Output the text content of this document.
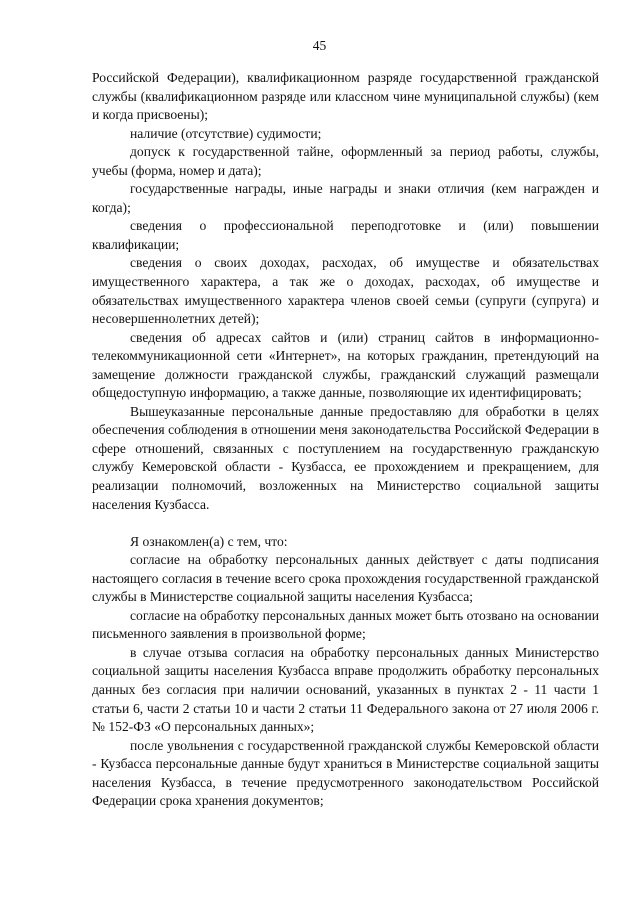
45

Российской Федерации), квалификационном разряде государственной гражданской службы (квалификационном разряде или классном чине муниципальной службы) (кем и когда присвоены);

наличие (отсутствие) судимости;

допуск к государственной тайне, оформленный за период работы, службы, учебы (форма, номер и дата);

государственные награды, иные награды и знаки отличия (кем награжден и когда);

сведения о профессиональной переподготовке и (или) повышении квалификации;

сведения о своих доходах, расходах, об имуществе и обязательствах имущественного характера, а так же о доходах, расходах, об имуществе и обязательствах имущественного характера членов своей семьи (супруги (супруга) и несовершеннолетних детей);

сведения об адресах сайтов и (или) страниц сайтов в информационно-телекоммуникационной сети «Интернет», на которых гражданин, претендуюций на замещение должности гражданской службы, гражданский служащий размещали общедоступную информацию, а также данные, позволяющие их идентифицировать;

Вышеуказанные персональные данные предоставляю для обработки в целях обеспечения соблюдения в отношении меня законодательства Российской Федерации в сфере отношений, связанных с поступлением на государственную гражданскую службу Кемеровской области - Кузбасса, ее прохождением и прекращением, для реализации полномочий, возложенных на Министерство социальной защиты населения Кузбасса.

Я ознакомлен(а) с тем, что:

согласие на обработку персональных данных действует с даты подписания настоящего согласия в течение всего срока прохождения государственной гражданской службы в Министерстве социальной защиты населения Кузбасса;

согласие на обработку персональных данных может быть отозвано на основании письменного заявления в произвольной форме;

в случае отзыва согласия на обработку персональных данных Министерство социальной защиты населения Кузбасса вправе продолжить обработку персональных данных без согласия при наличии оснований, указанных в пунктах 2 - 11 части 1 статьи 6, части 2 статьи 10 и части 2 статьи 11 Федерального закона от 27 июля 2006 г. № 152-ФЗ «О персональных данных»;

после увольнения с государственной гражданской службы Кемеровской области - Кузбасса персональные данные будут храниться в Министерстве социальной защиты населения Кузбасса, в течение предусмотренного законодательством Российской Федерации срока хранения документов;
